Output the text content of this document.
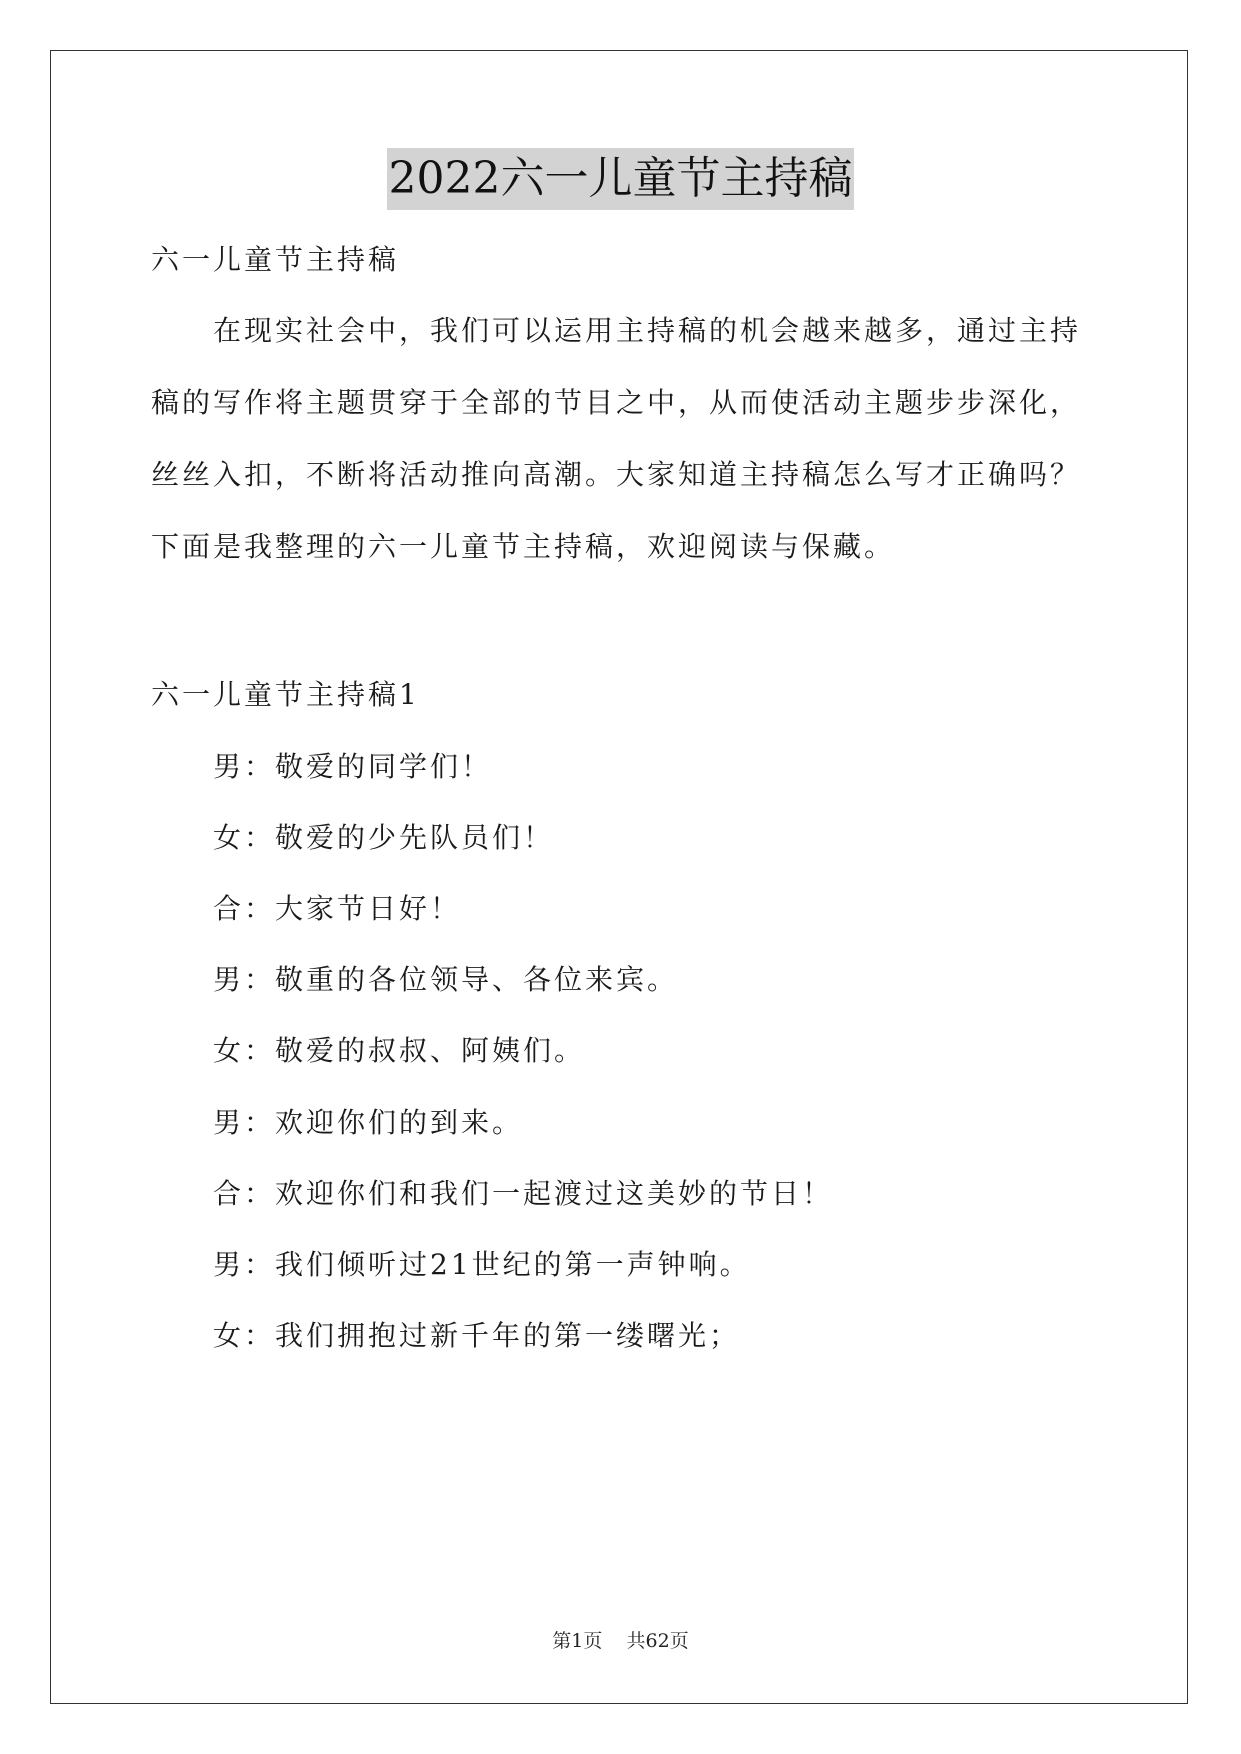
2022六一儿童节主持稿
六一儿童节主持稿
在现实社会中，我们可以运用主持稿的机会越来越多，通过主持
稿的写作将主题贯穿于全部的节目之中，从而使活动主题步步深化，
丝丝入扣，不断将活动推向高潮。大家知道主持稿怎么写才正确吗？
下面是我整理的六一儿童节主持稿，欢迎阅读与保藏。
六一儿童节主持稿1
男：敬爱的同学们！
女：敬爱的少先队员们！
合：大家节日好！
男：敬重的各位领导、各位来宾。
女：敬爱的叔叔、阿姨们。
男：欢迎你们的到来。
合：欢迎你们和我们一起渡过这美妙的节日！
男：我们倾听过21世纪的第一声钟响。
女：我们拥抱过新千年的第一缕曙光；
第1页    共62页
